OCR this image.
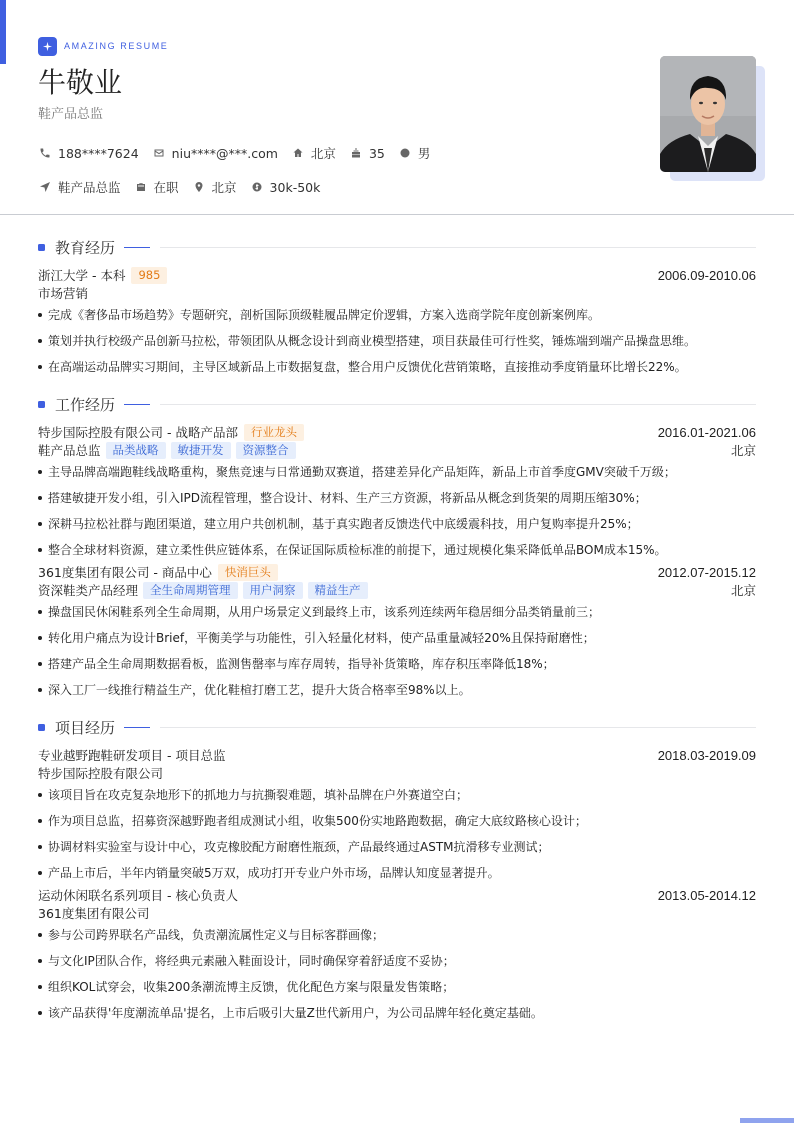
AMAZING RESUME
牛敬业
鞋产品总监
188****7624	niu****@***.com	北京	35	男
鞋产品总监	在职	北京	30k-50k
教育经历
浙江大学 - 本科	985	2006.09-2010.06
市场营销
完成《奢侈品市场趋势》专题研究，剖析国际顶级鞋履品牌定价逻辑，方案入选商学院年度创新案例库。
策划并执行校级产品创新马拉松，带领团队从概念设计到商业模型搭建，项目获最佳可行性奖，锤炼端到端产品操盘思维。
在高端运动品牌实习期间，主导区域新品上市数据复盘，整合用户反馈优化营销策略，直接推动季度销量环比增长22%。
工作经历
特步国际控股有限公司 - 战略产品部	行业龙头	2016.01-2021.06
鞋产品总监	品类战略	敏捷开发	资源整合	北京
主导品牌高端跑鞋线战略重构，聚焦竞速与日常通勤双赛道，搭建差异化产品矩阵，新品上市首季度GMV突破千万级；
搭建敏捷开发小组，引入IPD流程管理，整合设计、材料、生产三方资源，将新品从概念到货架的周期压缩30%；
深耕马拉松社群与跑团渠道，建立用户共创机制，基于真实跑者反馈迭代中底缓震科技，用户复购率提升25%；
整合全球材料资源，建立柔性供应链体系，在保证国际质检标准的前提下，通过规模化集采降低单品BOM成本15%。
361度集团有限公司 - 商品中心	快消巨头	2012.07-2015.12
资深鞋类产品经理	全生命周期管理	用户洞察	精益生产	北京
操盘国民休闲鞋系列全生命周期，从用户场景定义到最终上市，该系列连续两年稳居细分品类销量前三；
转化用户痛点为设计Brief，平衡美学与功能性，引入轻量化材料，使产品重量减轻20%且保持耐磨性；
搭建产品全生命周期数据看板，监测售罄率与库存周转，指导补货策略，库存积压率降低18%；
深入工厂一线推行精益生产，优化鞋楦打磨工艺，提升大货合格率至98%以上。
项目经历
专业越野跑鞋研发项目 - 项目总监	2018.03-2019.09
特步国际控股有限公司
该项目旨在攻克复杂地形下的抓地力与抗撕裂难题，填补品牌在户外赛道空白；
作为项目总监，招募资深越野跑者组成测试小组，收集500份实地路跑数据，确定大底纹路核心设计；
协调材料实验室与设计中心，攻克橡胶配方耐磨性瓶颈，产品最终通过ASTM抗滑移专业测试；
产品上市后，半年内销量突破5万双，成功打开专业户外市场，品牌认知度显著提升。
运动休闲联名系列项目 - 核心负责人	2013.05-2014.12
361度集团有限公司
参与公司跨界联名产品线，负责潮流属性定义与目标客群画像；
与文化IP团队合作，将经典元素融入鞋面设计，同时确保穿着舒适度不妥协；
组织KOL试穿会，收集200条潮流博主反馈，优化配色方案与限量发售策略；
该产品获得'年度潮流单品'提名，上市后吸引大量Z世代新用户，为公司品牌年轻化奠定基础。
